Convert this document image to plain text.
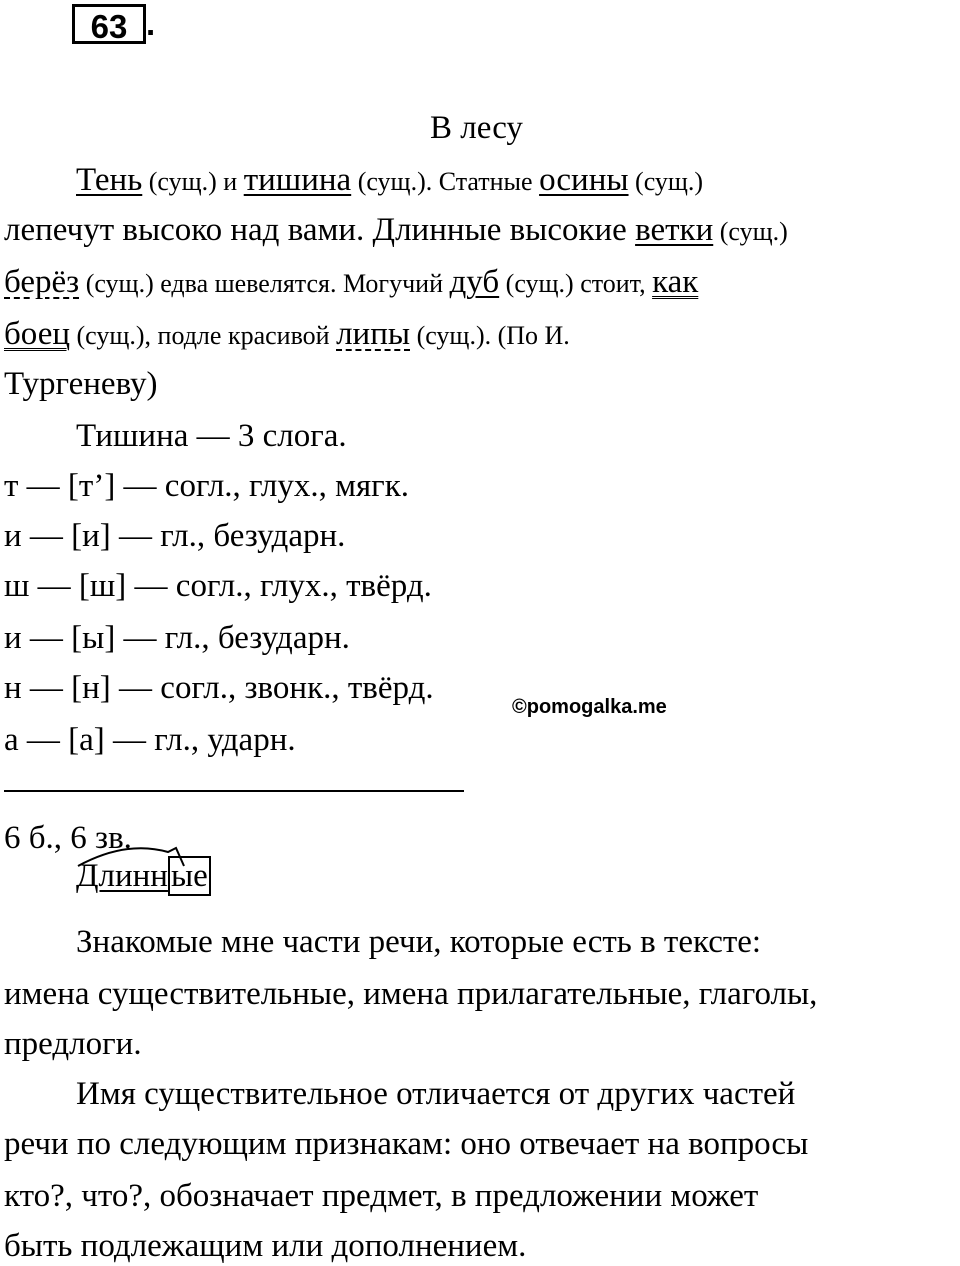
63 .
В лесу
Тень (сущ.) и тишина (сущ.). Статные осины (сущ.)
лепечут высоко над вами. Длинные высокие ветки (сущ.)
берёз (сущ.) едва шевелятся. Могучий дуб (сущ.) стоит, как
боец (сущ.), подле красивой липы (сущ.). (По И.
Тургеневу)
Тишина — 3 слога.
т — [т’] — согл., глух., мягк.
и — [и] — гл., безударн.
ш — [ш] — согл., глух., твёрд.
и — [ы] — гл., безударн.
н — [н] — согл., звонк., твёрд.
а — [а] — гл., ударн.
©pomogalka.me
6 б., 6 зв.
Длинные
Знакомые мне части речи, которые есть в тексте:
имена существительные, имена прилагательные, глаголы,
предлоги.
Имя существительное отличается от других частей
речи по следующим признакам: оно отвечает на вопросы
кто?, что?, обозначает предмет, в предложении может
быть подлежащим или дополнением.
